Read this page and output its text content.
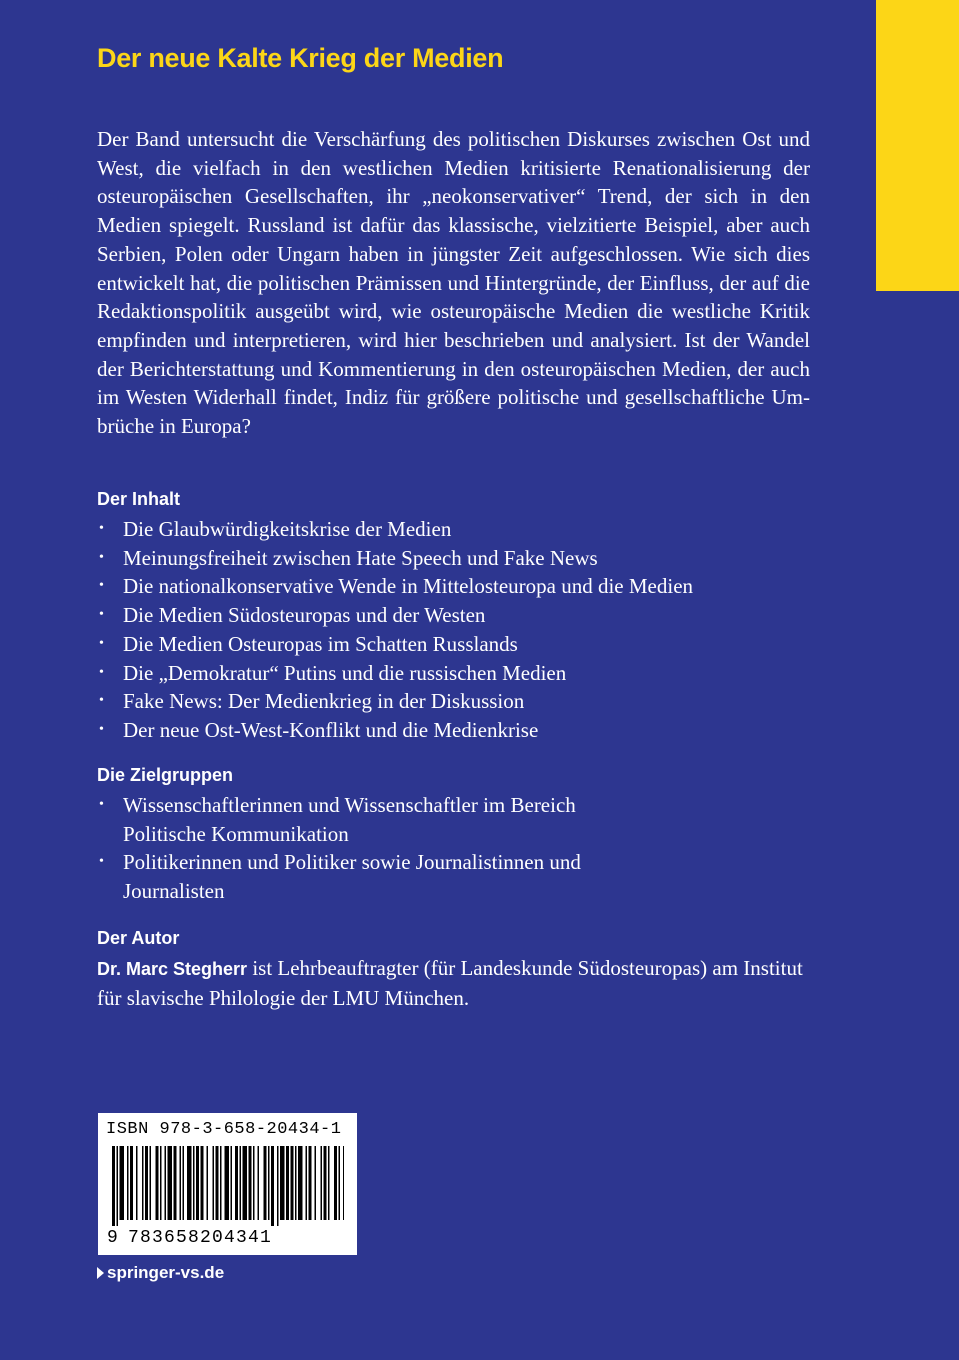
Der neue Kalte Krieg der Medien
Der Band untersucht die Verschärfung des politischen Diskurses zwischen Ost und West, die vielfach in den westlichen Medien kritisierte Renationalisierung der osteuropäischen Gesellschaften, ihr „neokonservativer“ Trend, der sich in den Medien spiegelt. Russland ist dafür das klassische, vielzitierte Beispiel, aber auch Serbien, Polen oder Ungarn haben in jüngster Zeit aufgeschlossen. Wie sich dies entwickelt hat, die politischen Prämissen und Hintergründe, der Einfluss, der auf die Redaktionspolitik ausgeübt wird, wie osteuropäische Medien die westliche Kritik empfinden und interpretieren, wird hier beschrieben und analysiert. Ist der Wandel der Berichterstattung und Kommentierung in den osteuropäischen Medien, der auch im Westen Widerhall findet, Indiz für größere politische und gesellschaftliche Umbrüche in Europa?
Der Inhalt
• Die Glaubwürdigkeitskrise der Medien
• Meinungsfreiheit zwischen Hate Speech und Fake News
• Die nationalkonservative Wende in Mittelosteuropa und die Medien
• Die Medien Südosteuropas und der Westen
• Die Medien Osteuropas im Schatten Russlands
• Die „Demokratur“ Putins und die russischen Medien
• Fake News: Der Medienkrieg in der Diskussion
• Der neue Ost-West-Konflikt und die Medienkrise
Die Zielgruppen
• Wissenschaftlerinnen und Wissenschaftler im Bereich Politische Kommunikation
• Politikerinnen und Politiker sowie Journalistinnen und Journalisten
Der Autor
Dr. Marc Stegherr ist Lehrbeauftragter (für Landeskunde Südosteuropas) am Institut für slavische Philologie der LMU München.
ISBN 978-3-658-20434-1
9 783658204341
springer-vs.de
